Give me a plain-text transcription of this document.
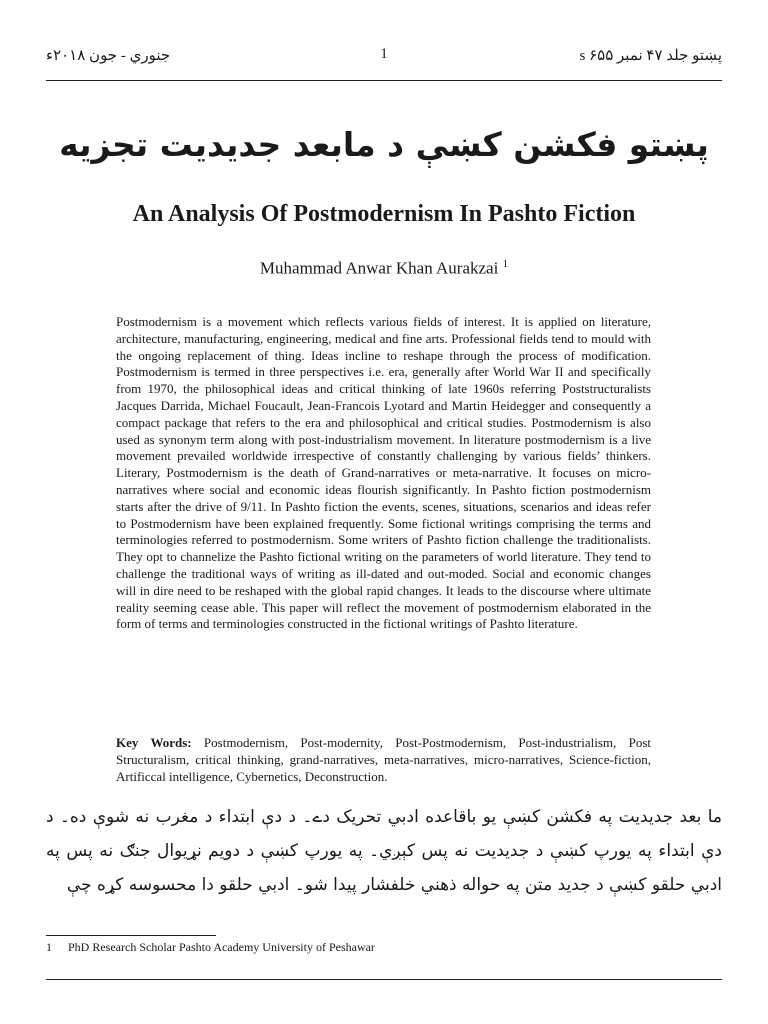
جنوري - جون ۲۰۱۸ء	1	پښتو جلد ۴۷ نمبر ۶۵۵ s
پښتو فکشن کښې د مابعد جدیدیت تجزیه
An Analysis Of Postmodernism In Pashto Fiction
Muhammad Anwar Khan Aurakzai $^1$
Postmodernism is a movement which reflects various fields of interest. It is applied on literature, architecture, manufacturing, engineering, medical and fine arts. Professional fields tend to mould with the ongoing replacement of thing. Ideas incline to reshape through the process of modification. Postmodernism is termed in three perspectives i.e. era, generally after World War II and specifically from 1970, the philosophical ideas and critical thinking of late 1960s referring Poststructuralists Jacques Darrida, Michael Foucault, Jean-Francois Lyotard and Martin Heidegger and consequently a compact package that refers to the era and philosophical and critical studies. Postmodernism is also used as synonym term along with post-industrialism movement. In literature postmodernism is a live movement prevailed worldwide irrespective of constantly challenging by various fields’ thinkers. Literary, Postmodernism is the death of Grand-narratives or meta-narrative. It focuses on micro-narratives where social and economic ideas flourish significantly. In Pashto fiction postmodernism starts after the drive of 9/11. In Pashto fiction the events, scenes, situations, scenarios and ideas refer to Postmodernism have been explained frequently. Some fictional writings comprising the terms and terminologies referred to postmodernism. Some writers of Pashto fiction challenge the traditionalists. They opt to channelize the Pashto fictional writing on the parameters of world literature. They tend to challenge the traditional ways of writing as ill-dated and out-moded. Social and economic changes will in dire need to be reshaped with the global rapid changes. It leads to the discourse where ultimate reality seeming cease able. This paper will reflect the movement of postmodernism elaborated in the form of terms and terminologies constructed in the fictional writings of Pashto literature.
Key Words: Postmodernism, Post-modernity, Post-Postmodernism, Post-industrialism, Post Structuralism, critical thinking, grand-narratives, meta-narratives, micro-narratives, Science-fiction, Artificcal intelligence, Cybernetics, Deconstruction.
ما بعد جدیدیت په فکشن کښې یو باقاعده ادبي تحریک دے۔ د دې ابتداء د مغرب نه شوې ده۔ د دې ابتداء په یورپ کښې د جدیدیت نه پس کېږي۔ په یورپ کښې د دویم نړیوال جنګ نه پس په ادبي حلقو کښې د جدید متن په حواله ذهني خلفشار پیدا شو۔ ادبي حلقو دا محسوسه کړه چې
1 PhD Research Scholar Pashto Academy University of Peshawar
